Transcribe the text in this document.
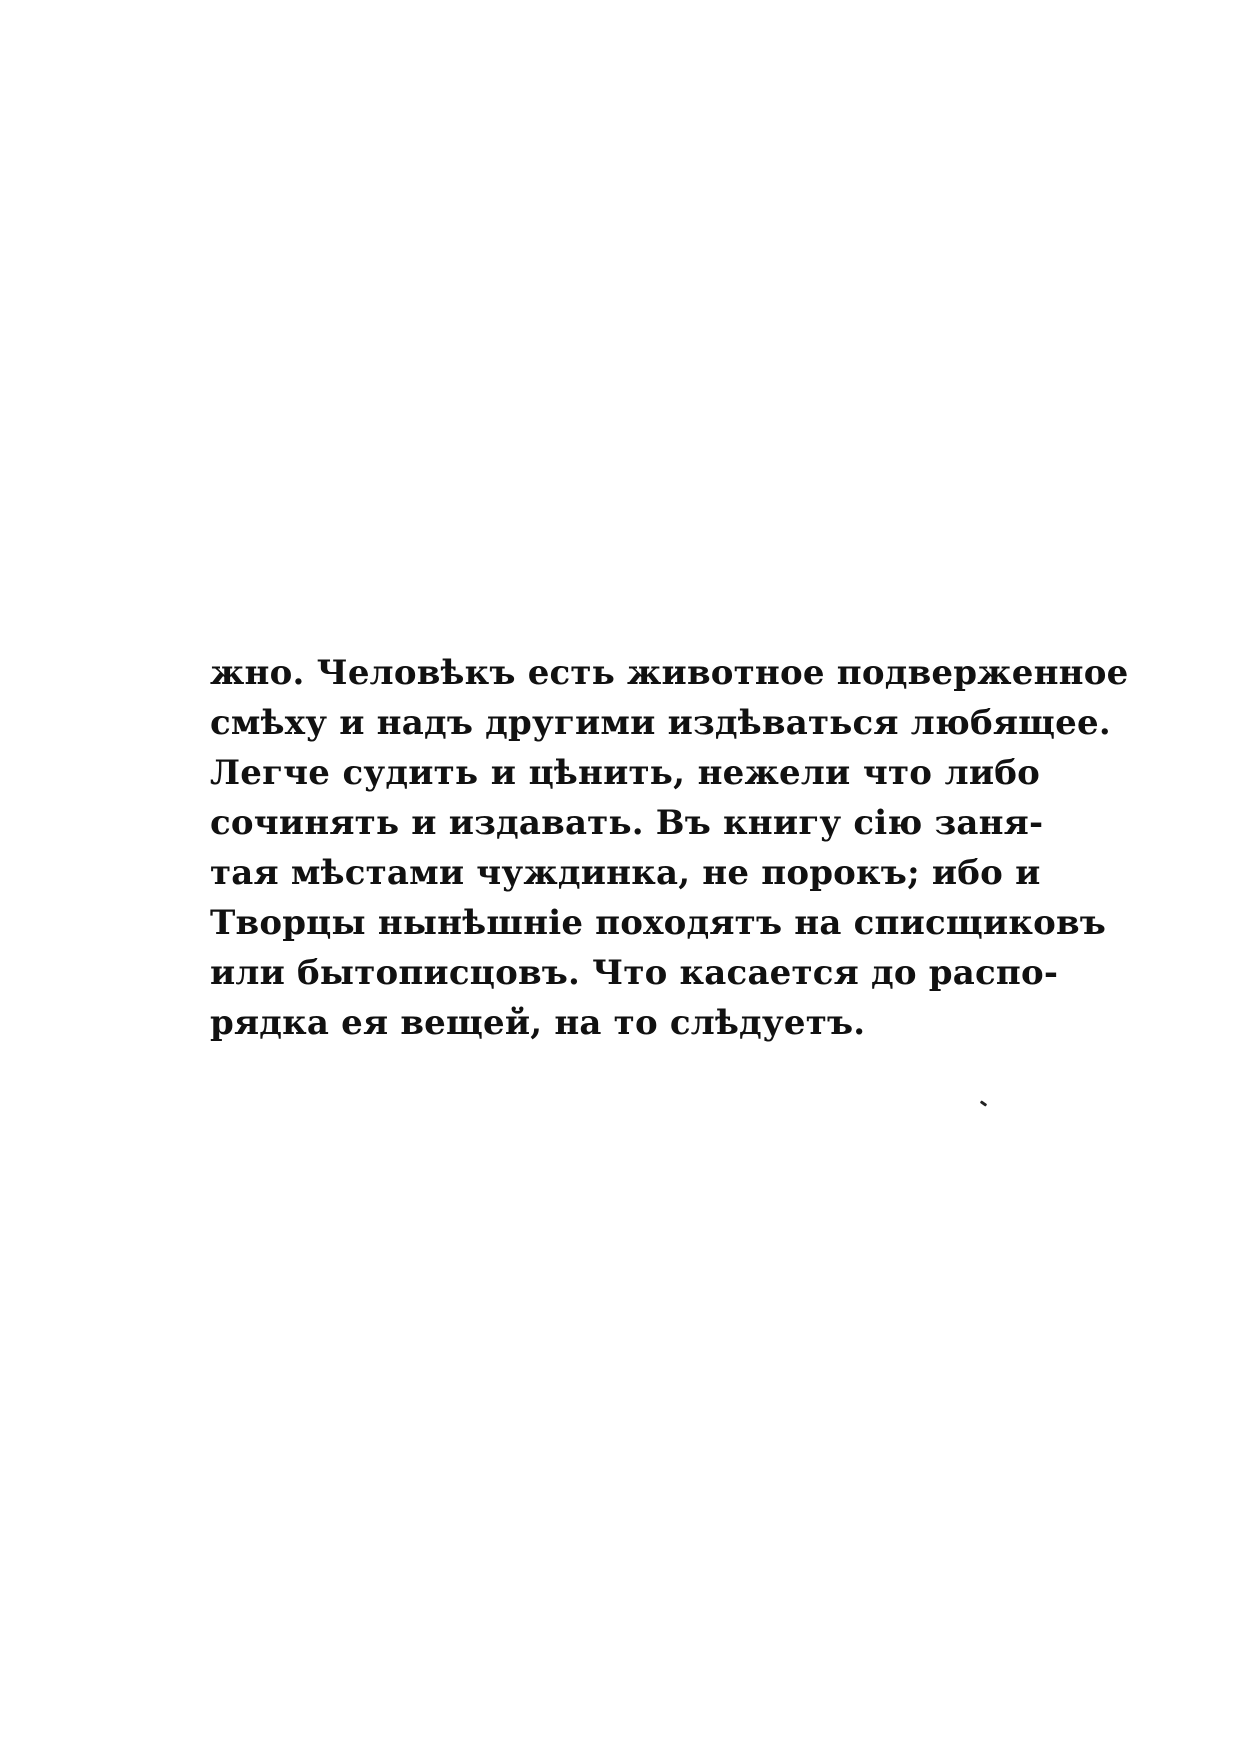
жно. Человѣкъ есть животное подверженное
смѣху и надъ другими издѣваться любящее.
Легче судить и цѣнить, нежели что либо
сочинять и издавать. Въ книгу сію заня-
тая мѣстами чуждинка, не порокъ; ибо и
Творцы нынѣшніе походятъ на списщиковъ
или бытописцовъ. Что касается до распо-
рядка ея вещей, на то слѣдуетъ.
